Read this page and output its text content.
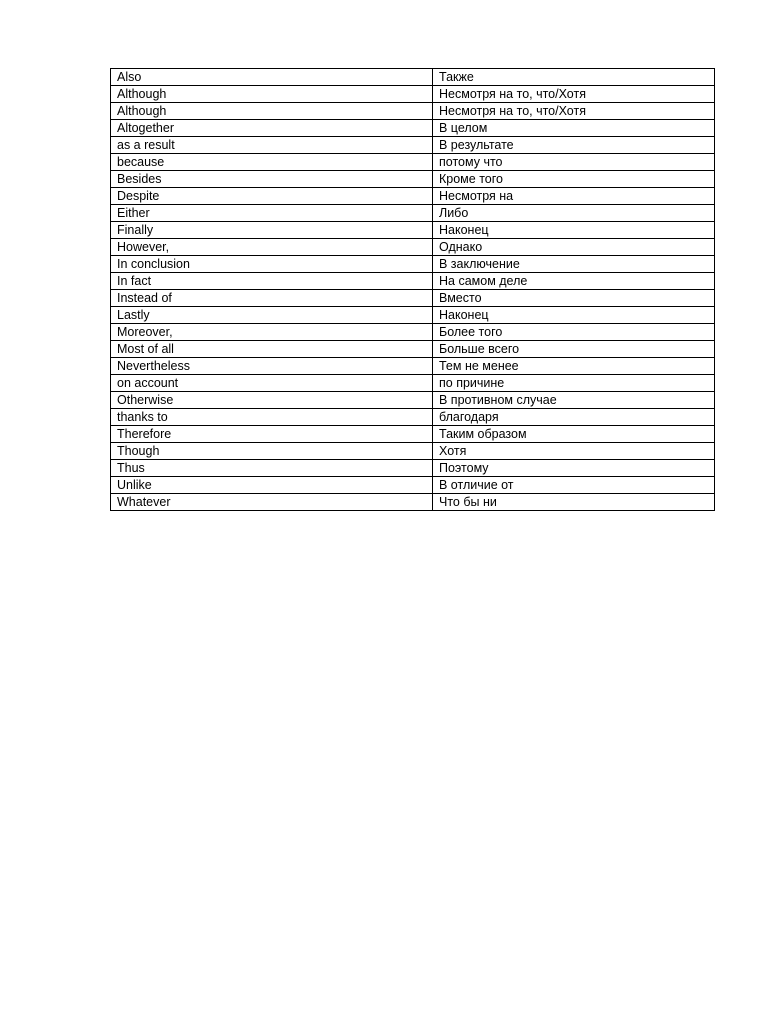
Also	Также
Although	Несмотря на то, что/Хотя
Although	Несмотря на то, что/Хотя
Altogether	В целом
as a result	В результате
because	потому что
Besides	Кроме того
Despite	Несмотря на
Either	Либо
Finally	Наконец
However,	Однако
In conclusion	В заключение
In fact	На самом деле
Instead of	Вместо
Lastly	Наконец
Moreover,	Более того
Most of all	Больше всего
Nevertheless	Тем не менее
on account	по причине
Otherwise	В противном случае
thanks to	благодаря
Therefore	Таким образом
Though	Хотя
Thus	Поэтому
Unlike	В отличие от
Whatever	Что бы ни
